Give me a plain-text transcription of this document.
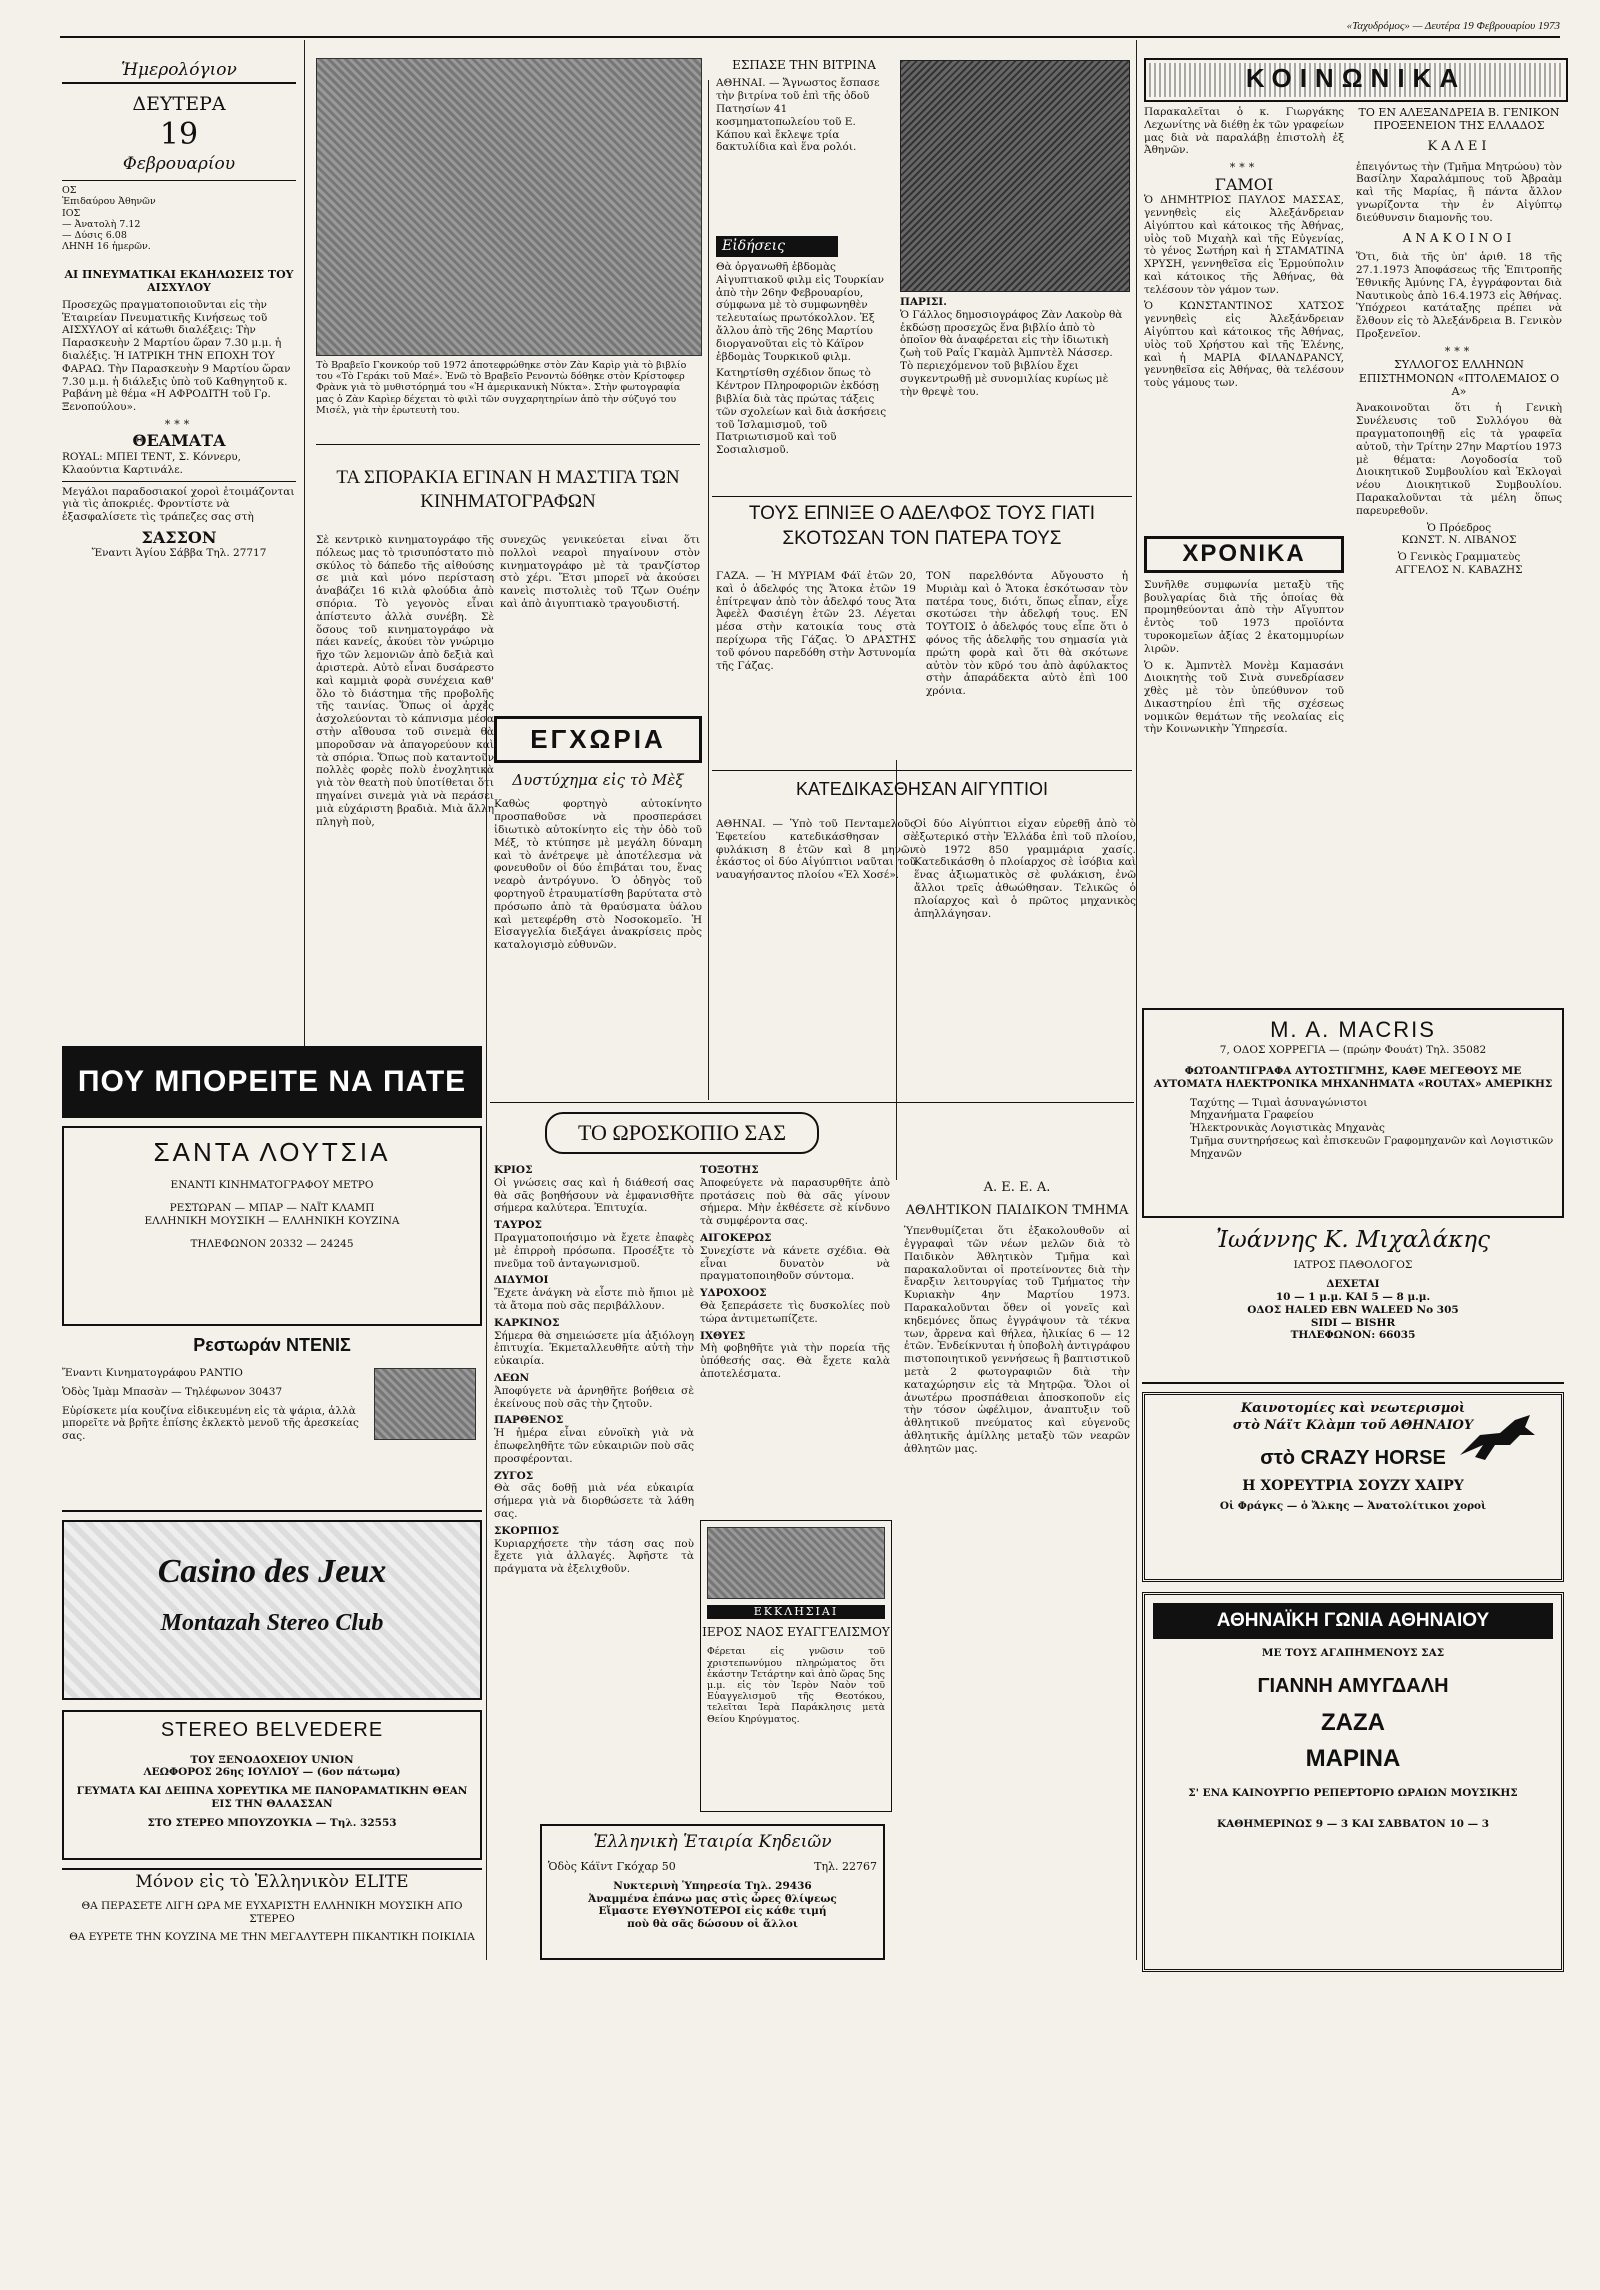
«Ταχυδρόμος» — Δευτέρα 19 Φεβρουαρίου 1973
Ἡμερολόγιον
ΔΕΥΤΕΡΑ
19
Φεβρουαρίου
ΟΣ
Ἐπιδαύρου Ἀθηνῶν
ΙΟΣ
— Ἀνατολὴ 7.12
— Δύσις 6.08
ΛΗΝΗ 16 ἡμερῶν.
ΑΙ ΠΝΕΥΜΑΤΙΚΑΙ ΕΚΔΗΛΩΣΕΙΣ ΤΟΥ ΑΙΣΧΥΛΟΥ

Προσεχῶς πραγματοποιοῦνται εἰς τὴν Ἑταιρείαν Πνευματικῆς Κινήσεως τοῦ ΑΙΣΧΥΛΟΥ αἱ κάτωθι διαλέξεις: Τὴν Παρασκευὴν 2 Μαρτίου ὥραν 7.30 μ.μ. ἡ διαλέξις. Ἡ ΙΑΤΡΙΚΗ ΤΗΝ ΕΠΟΧΗ ΤΟΥ ΦΑΡΑΩ. Τὴν Παρασκευὴν 9 Μαρτίου ὥραν 7.30 μ.μ. ἡ διάλεξις ὑπὸ τοῦ Καθηγητοῦ κ. Ραβάνη μὲ θέμα «Η ΑΦΡΟΔΙΤΗ τοῦ Γρ. Ξενοπούλου».

***
ΘΕΑΜΑΤΑ

ROYAL: ΜΠΕΙ ΤΕΝΤ, Σ. Κόννερυ, Κλαούντια Καρτινάλε.

Μεγάλοι παραδοσιακοί χοροὶ ἑτοιμάζονται γιὰ τὶς ἀποκριές. Φροντίστε νὰ ἐξασφαλίσετε τὶς τράπεζες σας στὴ

ΣΑΣΣΟΝ

Ἔναντι Ἁγίου Σάββα Τηλ. 27717

Τὸ Βραβεῖο Γκονκούρ τοῦ 1972 ἀποτεφρώθηκε στὸν Ζὰν Καρὶρ γιὰ τὸ βιβλίο του «Τὸ Γεράκι τοῦ Μαέ». Ἐνῶ τὸ Βραβεῖο Ρενοντὼ δόθηκε στὸν Κρίστοφερ Φρὰνκ γιὰ τὸ μυθιστόρημά του «Ἡ ἀμερικανικὴ Νύκτα». Στὴν φωτογραφία μας ὁ Ζὰν Καρὶερ δέχεται τὸ φιλὶ τῶν συγχαρητηρίων ἀπὸ τὴν σύζυγό του Μισέλ, γιὰ τὴν ἐρωτευτὴ του.
ΤΑ ΣΠΟΡΑΚΙΑ ΕΓΙΝΑΝ Η ΜΑΣΤΙΓΑ ΤΩΝ ΚΙΝΗΜΑΤΟΓΡΑΦΩΝ
Σὲ κεντρικὸ κινηματογράφο τῆς πόλεως μας τὸ τρισυπόστατο πιὸ σκύλος τὸ δάπεδο τῆς αἰθούσης σε μιὰ καὶ μόνο περίσταση ἀναβάζει 16 κιλὰ φλούδια ἀπὸ σπόρια. Τὸ γεγονὸς εἶναι ἀπίστευτο ἀλλὰ συνέβη. Σὲ ὅσους τοῦ κινηματογράφο νὰ πάει κανείς, ἀκούει τὸν γνώριμο ῆχο τῶν λεμονιῶν ἀπὸ δεξιὰ καὶ ἀριστερὰ. Αὐτὸ εἶναι δυσάρεστο καὶ καμμιὰ φορὰ συνέχεια καθ' ὅλο τὸ διάστημα τῆς προβολῆς τῆς ταινίας. Ὅπως οἱ ἀρχὲς ἀσχολεύονται τὸ κάπνισμα μέσα στὴν αἴθουσα τοῦ σινεμὰ θὰ μποροῦσαν νὰ ἀπαγορεύουν καὶ τὰ σπόρια. Ὅπως ποὺ καταντοῦν πολλὲς φορὲς πολὺ ἐνοχλητικὰ γιὰ τὸν θεατὴ ποὺ ὑποτίθεται ὅτι πηγαίνει σινεμὰ γιὰ νὰ περάσει μιὰ εὐχάριστη βραδιὰ. Μιὰ ἄλλη πληγὴ ποὺ,
συνεχῶς γενικεύεται εἶναι ὅτι πολλοὶ νεαροὶ πηγαίνουν στὸν κινηματογράφο μὲ τὰ τρανζίστορ στὸ χέρι. Ἔτσι μπορεῖ νὰ ἀκούσει κανεὶς πιστολιὲς τοῦ Τζων Ουέην καὶ ἀπὸ ἀιγυπτιακὸ τραγουδιστή.
ΕΓΧΩΡΙΑ
Δυστύχημα εἰς τὸ Μὲξ

Καθὼς φορτηγὸ αὐτοκίνητο προσπαθοῦσε νὰ προσπεράσει ἰδιωτικὸ αὐτοκίνητο εἰς τὴν ὁδὸ τοῦ Μέξ, τὸ κτύπησε μὲ μεγάλη δύναμη καὶ τὸ ἀνέτρεψε μὲ ἀποτέλεσμα νὰ φονευθοῦν οἱ δύο ἐπιβάται του, ἕνας νεαρὸ ἀντρόγυνο. Ὁ ὁδηγὸς τοῦ φορτηγοῦ ἐτραυματίσθη βαρύτατα στὸ πρόσωπο ἀπὸ τὰ θραύσματα ὑάλου καὶ μετεφέρθη στὸ Νοσοκομεῖο. Ἡ Εἰσαγγελία διεξάγει ἀνακρίσεις πρὸς καταλογισμὸ εὐθυνῶν.

ΕΣΠΑΣΕ ΤΗΝ ΒΙΤΡΙΝΑ

ΑΘΗΝΑΙ. — Ἄγνωστος ἔσπασε τὴν βιτρίνα τοῦ ἐπὶ τῆς ὁδοῦ Πατησίων 41 κοσμηματοπωλείου τοῦ Ε. Κάπου καὶ ἔκλεψε τρία δακτυλίδια καὶ ἕνα ρολόι.

Εἰδήσεις

Θὰ ὀργανωθῆ ἑβδομὰς Αἰγυπτιακοῦ φιλμ εἰς Τουρκίαν ἀπὸ τὴν 26ην Φεβρουαρίου, σύμφωνα μὲ τὸ συμφωνηθὲν τελευταίως πρωτόκολλον. Ἐξ ἄλλου ἀπὸ τῆς 26ης Μαρτίου διοργανοῦται εἰς τὸ Κάϊρον ἑβδομὰς Τουρκικοῦ φιλμ.

Κατηρτίσθη σχέδιον ὅπως τὸ Κέντρον Πληροφοριῶν ἐκδόσῃ βιβλία διὰ τὰς πρώτας τάξεις τῶν σχολείων καὶ διὰ ἀσκήσεις τοῦ Ἰσλαμισμοῦ, τοῦ Πατριωτισμοῦ καὶ τοῦ Σοσιαλισμοῦ.

ΠΑΡΙΣΙ.

Ὁ Γάλλος δημοσιογράφος Ζὰν Λακοὺρ θὰ ἐκδώσῃ προσεχῶς ἕνα βιβλίο ἀπὸ τὸ ὁποῖον θὰ ἀναφέρεται εἰς τὴν ἰδιωτικὴ ζωὴ τοῦ Ραΐς Γκαμὰλ Ἀμπντὲλ Νάσσερ. Τὸ περιεχόμενον τοῦ βιβλίου ἔχει συγκεντρωθῇ μὲ συνομιλίας κυρίως μὲ τὴν θρεψὲ του.

ΤΟΥΣ ΕΠΝΙΞΕ Ο ΑΔΕΛΦΟΣ ΤΟΥΣ ΓΙΑΤΙ ΣΚΟΤΩΣΑΝ ΤΟΝ ΠΑΤΕΡΑ ΤΟΥΣ
ΓΑΖΑ. — Ἡ ΜΥΡΙΑΜ Φάϊ ἐτῶν 20, καὶ ὁ ἀδελφός της Ἄτοκα ἐτῶν 19 ἐπίτρεψαν ἀπὸ τὸν ἀδελφό τους Ἄτα Ἀφεὲλ Φασιέγη ἐτῶν 23. Λέγεται μέσα στὴν κατοικία τους στὰ περίχωρα τῆς Γάζας. Ὁ ΔΡΑΣΤΗΣ τοῦ φόνου παρεδόθη στὴν Ἀστυνομία τῆς Γάζας.
ΤΟΝ παρελθόντα Αὔγουστο ἡ Μυριὰμ καὶ ὁ Ἄτοκα ἐσκότωσαν τὸν πατέρα τους, διότι, ὅπως εἶπαν, εἶχε σκοτώσει τὴν ἀδελφή τους. ΕΝ ΤΟΥΤΟΙΣ ὁ ἀδελφός τους εἶπε ὅτι ὁ φόνος τῆς ἀδελφῆς του σημασία γιὰ πρώτη φορὰ καὶ ὅτι θὰ σκότωνε αὐτὸν τὸν κῦρό του ἀπὸ ἀφύλακτος στὴν ἀπαράδεκτα αὐτὸ ἐπὶ 100 χρόνια.
ΚΑΤΕΔΙΚΑΣΘΗΣΑΝ ΑΙΓΥΠΤΙΟΙ
ΑΘΗΝΑΙ. — Ὑπὸ τοῦ Πενταμελοῦς Ἐφετείου κατεδικάσθησαν σὲ φυλάκιση 8 ἐτῶν καὶ 8 μηνῶν ἑκάστος οἱ δύο Αἰγύπτιοι ναῦται τοῦ ναυαγήσαντος πλοίου «Ἐλ Χοσέ».
Οἱ δύο Αἰγύπτιοι εἶχαν εὑρεθῇ ἀπὸ τὸ ἐξωτερικό στὴν Ἑλλάδα ἐπὶ τοῦ πλοίου, τὸ 1972 850 γραμμάρια χασίς. Κατεδικάσθη ὁ πλοίαρχος σὲ ἰσόβια καὶ ἕνας ἀξιωματικὸς σὲ φυλάκιση, ἐνῶ ἄλλοι τρεῖς ἀθωώθησαν. Τελικῶς ὁ πλοίαρχος καὶ ὁ πρῶτος μηχανικὸς ἀπηλλάγησαν.
ΤΟ ΩΡΟΣΚΟΠΙΟ ΣΑΣ
ΚΡΙΟΣ

Οἱ γνώσεις σας καὶ ἡ διάθεσή σας θὰ σᾶς βοηθήσουν νὰ ἐμφανισθῆτε σήμερα καλύτερα. Ἐπιτυχία.

ΤΑΥΡΟΣ

Πραγματοποιήσιμο νὰ ἔχετε ἐπαφὲς μὲ ἐπιρροὴ πρόσωπα. Προσέξτε τὸ πνεῦμα τοῦ ἀνταγωνισμοῦ.

ΔΙΔΥΜΟΙ

Ἔχετε ἀνάγκη νὰ εἶστε πιὸ ἤπιοι μὲ τὰ ἄτομα ποὺ σᾶς περιβάλλουν.

ΚΑΡΚΙΝΟΣ

Σήμερα θὰ σημειώσετε μία ἀξιόλογη ἐπιτυχία. Ἐκμεταλλευθῆτε αὐτὴ τὴν εὐκαιρία.

ΛΕΩΝ

Ἀποφύγετε νὰ ἀρνηθῆτε βοήθεια σὲ ἐκείνους ποὺ σᾶς τὴν ζητοῦν.

ΠΑΡΘΕΝΟΣ

Ἡ ἡμέρα εἶναι εὐνοϊκὴ γιὰ νὰ ἐπωφεληθῆτε τῶν εὐκαιριῶν ποὺ σᾶς προσφέρονται.

ΖΥΓΟΣ

Θὰ σᾶς δοθῇ μιὰ νέα εὐκαιρία σήμερα γιὰ νὰ διορθώσετε τὰ λάθη σας.

ΣΚΟΡΠΙΟΣ

Κυριαρχήσετε τὴν τάση σας ποὺ ἔχετε γιὰ ἀλλαγές. Ἀφῆστε τὰ πράγματα νὰ ἐξελιχθοῦν.

ΤΟΞΟΤΗΣ

Ἀποφεύγετε νὰ παρασυρθῆτε ἀπὸ προτάσεις ποὺ θὰ σᾶς γίνουν σήμερα. Μὴν ἐκθέσετε σὲ κίνδυνο τὰ συμφέροντα σας.

ΑΙΓΟΚΕΡΩΣ

Συνεχίστε νὰ κάνετε σχέδια. Θὰ εἶναι δυνατὸν νὰ πραγματοποιηθοῦν σύντομα.

ΥΔΡΟΧΟΟΣ

Θὰ ξεπεράσετε τὶς δυσκολίες ποὺ τώρα ἀντιμετωπίζετε.

ΙΧΘΥΕΣ

Μὴ φοβηθῆτε γιὰ τὴν πορεία τῆς ὑπόθεσής σας. Θὰ ἔχετε καλὰ ἀποτελέσματα.

Α. Ε. Ε. Α.
ΑΘΛΗΤΙΚΟΝ ΠΑΙΔΙΚΟΝ ΤΜΗΜΑ

Ὑπενθυμίζεται ὅτι ἐξακολουθοῦν αἱ ἐγγραφαὶ τῶν νέων μελῶν διὰ τὸ Παιδικὸν Ἀθλητικὸν Τμῆμα καὶ παρακαλοῦνται οἱ προτείνοντες διὰ τὴν ἔναρξιν λειτουργίας τοῦ Τμήματος τὴν Κυριακὴν 4ην Μαρτίου 1973. Παρακαλοῦνται ὅθεν οἱ γονεῖς καὶ κηδεμόνες ὅπως ἐγγράψουν τὰ τέκνα των, ἄρρενα καὶ θήλεα, ἡλικίας 6 — 12 ἐτῶν. Ἐνδείκνυται ἡ ὑποβολὴ ἀντιγράφου πιστοποιητικοῦ γεννήσεως ἢ βαπτιστικοῦ μετὰ 2 φωτογραφιῶν διὰ τὴν καταχώρησιν εἰς τὰ Μητρῷα. Ὅλοι οἱ ἀνωτέρω προσπάθειαι ἀποσκοποῦν εἰς τὴν τόσον ὠφέλιμον, ἀναπτυξιν τοῦ ἀθλητικοῦ πνεύματος καὶ εὐγενοῦς ἀθλητικῆς ἁμίλλης μεταξὺ τῶν νεαρῶν ἀθλητῶν μας.

ΕΚΚΛΗΣΙΑΙ
ΙΕΡΟΣ ΝΑΟΣ ΕΥΑΓΓΕΛΙΣΜΟΥ

Φέρεται εἰς γνῶσιν τοῦ χριστεπωνύμου πληρώματος ὅτι ἑκάστην Τετάρτην καὶ ἀπὸ ὥρας 5ης μ.μ. εἰς τὸν Ἱερὸν Ναὸν τοῦ Εὐαγγελισμοῦ τῆς Θεοτόκου, τελεῖται Ἱερὰ Παράκλησις μετὰ Θείου Κηρύγματος.

Ἑλληνικὴ Ἑταιρία Κηδειῶν
Ὁδὸς Κάϊντ Γκόχαρ 50	Τηλ. 22767
Νυκτερινὴ Ὑπηρεσία Τηλ. 29436
Ἀναμμένα ἐπάνω μας στὶς ὧρες θλίψεως
Εἴμαστε ΕΥΘΥΝΟΤΕΡΟΙ εἰς κάθε τιμή
ποὺ θὰ σᾶς δώσουν οἱ ἄλλοι
ΚΟΙΝΩΝΙΚΑ

Παρακαλεῖται ὁ κ. Γιωργάκης Λεχωνίτης νὰ διέθῃ ἐκ τῶν γραφείων μας διὰ νὰ παραλάβῃ ἐπιστολὴ ἐξ Ἀθηνῶν.

***
ΓΑΜΟΙ

Ὁ ΔΗΜΗΤΡΙΟΣ ΠΑΥΛΟΣ ΜΑΣΣΑΣ, γεννηθεὶς εἰς Ἀλεξάνδρειαν Αἰγύπτου καὶ κάτοικος τῆς Ἀθήνας, υἱὸς τοῦ Μιχαὴλ καὶ τῆς Εὐγενίας, τὸ γένος Σωτήρη καὶ ἡ ΣΤΑΜΑΤΙΝΑ ΧΡΥΣΗ, γεννηθεῖσα εἰς Ἑρμούπολιν καὶ κάτοικος τῆς Ἀθήνας, θὰ τελέσουν τὸν γάμον των.

Ὁ ΚΩΝΣΤΑΝΤΙΝΟΣ ΧΑΤΣΟΣ γεννηθεὶς εἰς Ἀλεξάνδρειαν Αἰγύπτου καὶ κάτοικος τῆς Ἀθήνας, υἱὸς τοῦ Χρήστου καὶ τῆς Ἑλένης, καὶ ἡ ΜΑΡΙΑ ΦΙΛΑΝΔΡΑΝCY, γεννηθεῖσα εἰς Ἀθήνας, θὰ τελέσουν τοὺς γάμους των.

ΤΟ ΕΝ ΑΛΕΞΑΝΔΡΕΙΑ Β. ΓΕΝΙΚΟΝ ΠΡΟΞΕΝΕΙΟΝ ΤΗΣ ΕΛΛΑΔΟΣ
ΚΑΛΕΙ

ἐπειγόντως τὴν (Τμῆμα Μητρώου) τὸν Βασίλην Χαραλάμπους τοῦ Ἀβραὰμ καὶ τῆς Μαρίας, ἢ πάντα ἄλλον γνωρίζοντα τὴν ἐν Αἰγύπτῳ διεύθυνσιν διαμονῆς του.

ΑΝΑΚΟΙΝΟΙ

Ὅτι, διὰ τῆς ὑπ' ἀριθ. 18 τῆς 27.1.1973 Ἀποφάσεως τῆς Ἐπιτροπῆς Ἐθνικῆς Ἀμύνης ΓΑ, ἐγγράφονται διὰ Ναυτικοὺς ἀπὸ 16.4.1973 εἰς Ἀθήνας. Ὑπόχρεοι κατάταξης πρέπει νὰ ἔλθουν εἰς τὸ Ἀλεξάνδρεια Β. Γενικὸν Προξενεῖον.

***
ΣΥΛΛΟΓΟΣ ΕΛΛΗΝΩΝ ΕΠΙΣΤΗΜΟΝΩΝ «ΠΤΟΛΕΜΑΙΟΣ Ο Α»

Ἀνακοινοῦται ὅτι ἡ Γενικὴ Συνέλευσις τοῦ Συλλόγου θὰ πραγματοποιηθῇ εἰς τὰ γραφεῖα αὐτοῦ, τὴν Τρίτην 27ην Μαρτίου 1973 μὲ θέματα: Λογοδοσία τοῦ Διοικητικοῦ Συμβουλίου καὶ Ἐκλογαὶ νέου Διοικητικοῦ Συμβουλίου. Παρακαλοῦνται τὰ μέλη ὅπως παρευρεθοῦν.

Ὁ Πρόεδρος
ΚΩΝΣΤ. Ν. ΛΙΒΑΝΟΣ
Ὁ Γενικὸς Γραμματεὺς
ΑΓΓΕΛΟΣ Ν. ΚΑΒΑΖΗΣ
ΧΡΟΝΙΚΑ

Συνῆλθε συμφωνία μεταξὺ τῆς βουλγαρίας διὰ τῆς ὁποίας θὰ προμηθεύονται ἀπὸ τὴν Αἴγυπτον ἐντὸς τοῦ 1973 προϊόντα τυροκομεῖων ἀξίας 2 ἑκατομμυρίων λιρῶν.

Ὁ κ. Ἀμπντὲλ Μονὲμ Καμασάνι Διοικητὴς τοῦ Σινὰ συνεδρίασεν χθὲς μὲ τὸν ὑπεύθυνον τοῦ Δικαστηρίου ἐπὶ τῆς σχέσεως νομικῶν θεμάτων τῆς νεολαίας εἰς τὴν Κοινωνικὴν Ὑπηρεσία.

ΠΟΥ ΜΠΟΡΕΙΤΕ ΝΑ ΠΑΤΕ
ΣΑΝΤΑ ΛΟΥΤΣΙΑ
ΕΝΑΝΤΙ ΚΙΝΗΜΑΤΟΓΡΑΦΟΥ ΜΕΤΡΟ
ΡΕΣΤΩΡΑΝ — ΜΠΑΡ — ΝΑΪΤ ΚΛΑΜΠ
ΕΛΛΗΝΙΚΗ ΜΟΥΣΙΚΗ — ΕΛΛΗΝΙΚΗ ΚΟΥΖΙΝΑ
ΤΗΛΕΦΩΝΟΝ 20332 — 24245
Ρεστωράν ΝΤΕΝΙΣ
Ἔναντι Κινηματογράφου ΡΑΝΤΙΟ
Ὁδὸς Ἰμὰμ Μπασὰν — Τηλέφωνον 30437
Εὑρίσκετε μία κουζίνα εἰδικευμένη εἰς τὰ ψάρια, ἀλλὰ μπορεῖτε νὰ βρῆτε ἐπίσης ἐκλεκτὸ μενοῦ τῆς ἀρεσκείας σας.
Casino des Jeux
Montazah Stereo Club
STEREO BELVEDERE
ΤΟΥ ΞΕΝΟΔΟΧΕΙΟΥ UNION
ΛΕΩΦΟΡΟΣ 26ης ΙΟΥΛΙΟΥ — (6ον πάτωμα)
ΓΕΥΜΑΤΑ ΚΑΙ ΔΕΙΠΝΑ ΧΟΡΕΥΤΙΚΑ ΜΕ ΠΑΝΟΡΑΜΑΤΙΚΗΝ ΘΕΑΝ ΕΙΣ ΤΗΝ ΘΑΛΑΣΣΑΝ
ΣΤΟ ΣΤΕΡΕΟ ΜΠΟΥΖΟΥΚΙΑ — Τηλ. 32553
Μόνον εἰς τὸ Ἑλληνικὸν ELITE
ΘΑ ΠΕΡΑΣΕΤΕ ΛΙΓΗ ΩΡΑ ΜΕ ΕΥΧΑΡΙΣΤΗ ΕΛΛΗΝΙΚΗ ΜΟΥΣΙΚΗ ΑΠΟ ΣΤΕΡΕΟ
ΘΑ ΕΥΡΕΤΕ ΤΗΝ ΚΟΥΖΙΝΑ ΜΕ ΤΗΝ ΜΕΓΑΛΥΤΕΡΗ ΠΙΚΑΝΤΙΚΗ ΠΟΙΚΙΛΙΑ
M. A. MACRIS
7, ΟΔΟΣ ΧΟΡΡΕΓΙΑ — (πρώην Φουάτ) Τηλ. 35082
ΦΩΤΟΑΝΤΙΓΡΑΦΑ ΑΥΤΟΣΤΙΓΜΗΣ, ΚΑΘΕ ΜΕΓΕΘΟΥΣ ΜΕ ΑΥΤΟΜΑΤΑ ΗΛΕΚΤΡΟΝΙΚΑ ΜΗΧΑΝΗΜΑΤΑ «ROUTAX» ΑΜΕΡΙΚΗΣ
Ταχύτης — Τιμαὶ ἀσυναγώνιστοι
Μηχανήματα Γραφείου
Ἠλεκτρονικὰς Λογιστικὰς Μηχανὰς
Τμῆμα συντηρήσεως καὶ ἐπισκευῶν Γραφομηχανῶν καὶ Λογιστικῶν Μηχανῶν
Ἰωάννης Κ. Μιχαλάκης
ΙΑΤΡΟΣ ΠΑΘΟΛΟΓΟΣ
ΔΕΧΕΤΑΙ
10 — 1 μ.μ. ΚΑΙ 5 — 8 μ.μ.
ΟΔΟΣ HALED EBN WALEED No 305
SIDI — BISHR
ΤΗΛΕΦΩΝΟΝ: 66035
Καινοτομίες καὶ νεωτερισμοὶ
στὸ Νάϊτ Κλὰμπ τοῦ ΑΘΗΝΑΙΟΥ
στὸ CRAZY HORSE
Η ΧΟΡΕΥΤΡΙΑ ΣΟΥΖΥ ΧΑΙΡΥ
Οἱ Φράγκς — ὁ Ἄλκης — Ἀνατολίτικοι χοροὶ
ΑΘΗΝΑΪΚΗ ΓΩΝΙΑ ΑΘΗΝΑΙΟΥ
ΜΕ ΤΟΥΣ ΑΓΑΠΗΜΕΝΟΥΣ ΣΑΣ
ΓΙΑΝΝΗ ΑΜΥΓΔΑΛΗ
ΖΑΖΑ
ΜΑΡΙΝΑ
Σ' ΕΝΑ ΚΑΙΝΟΥΡΓΙΟ ΡΕΠΕΡΤΟΡΙΟ ΩΡΑΙΩΝ ΜΟΥΣΙΚΗΣ
ΚΑΘΗΜΕΡΙΝΩΣ 9 — 3 ΚΑΙ ΣΑΒΒΑΤΟΝ 10 — 3
